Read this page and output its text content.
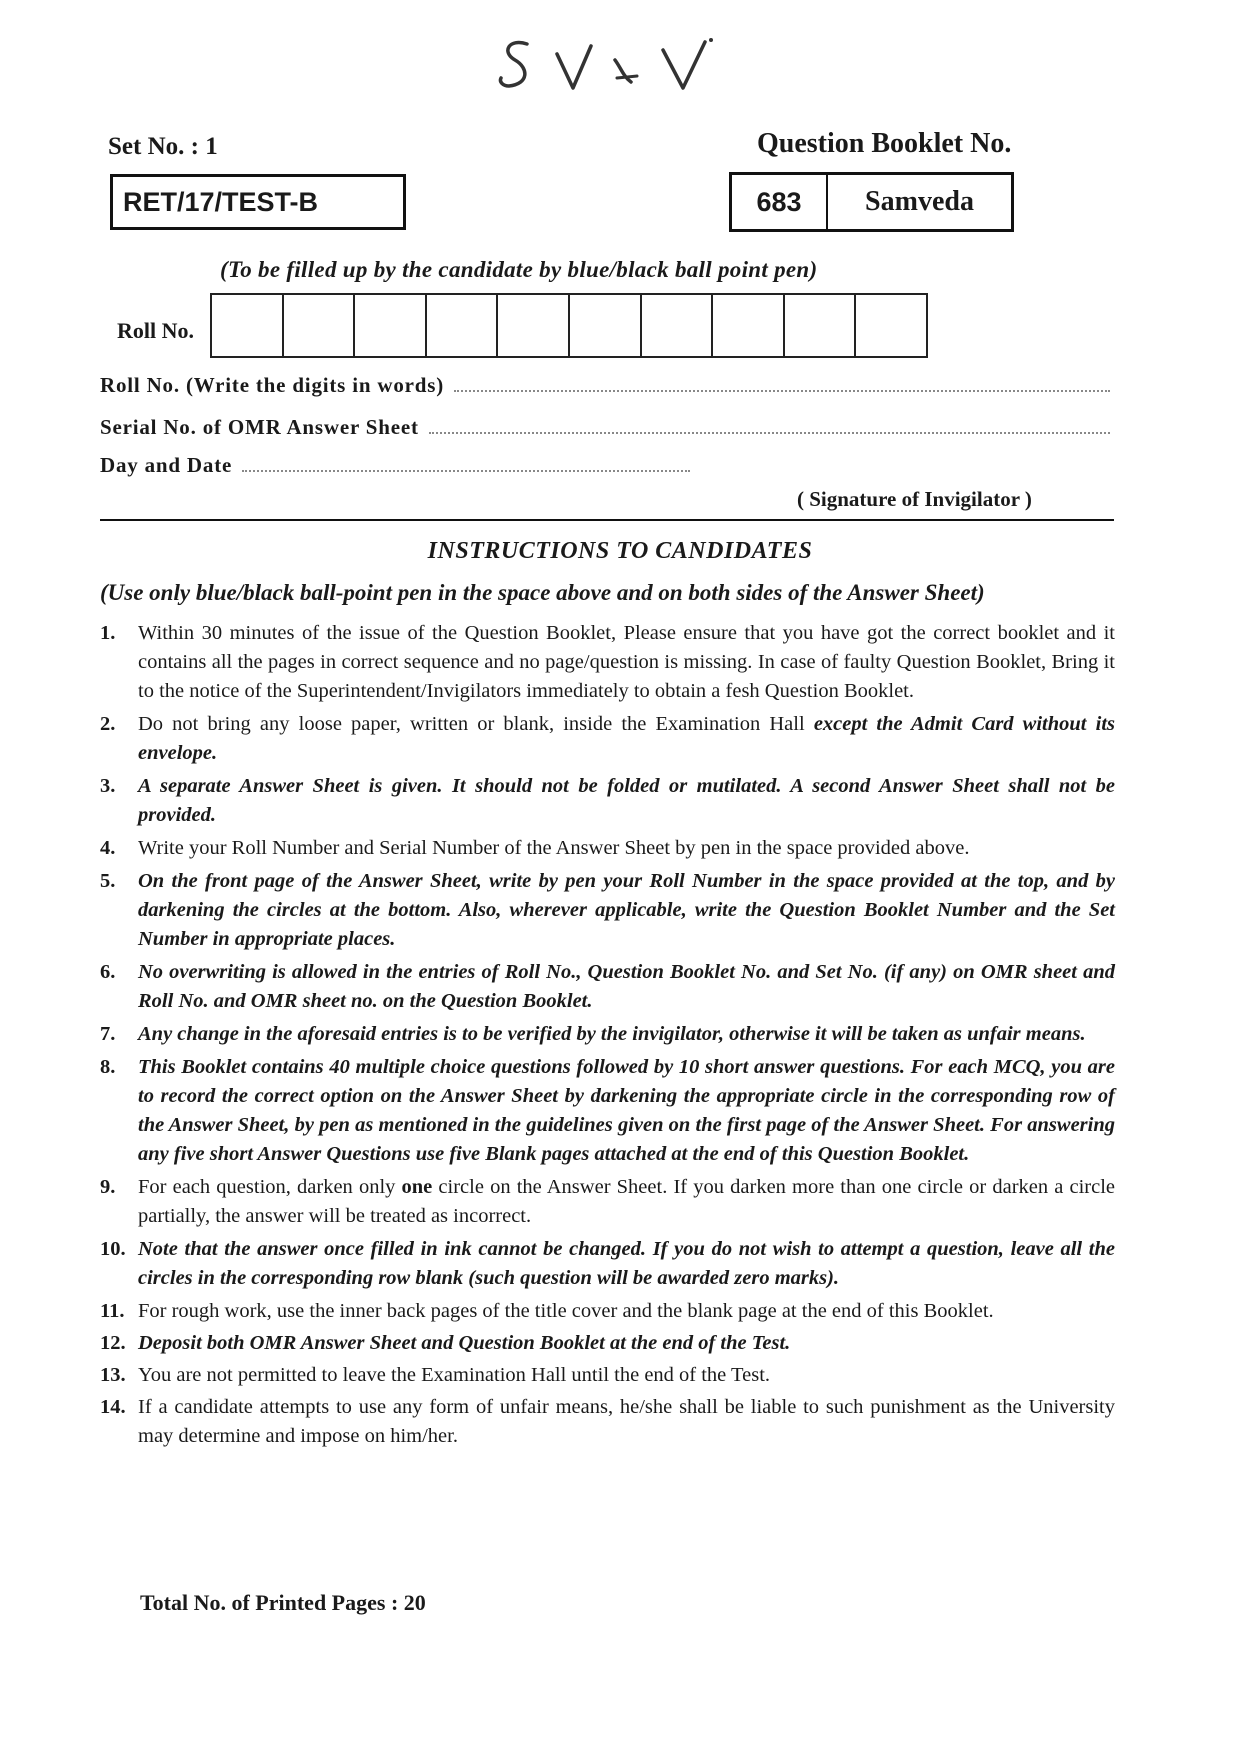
Set No. : 1	Question Booklet No.
RET/17/TEST-B	683	Samveda
(To be filled up by the candidate by blue/black ball point pen)
Roll No.
Roll No. (Write the digits in words)
Serial No. of OMR Answer Sheet
Day and Date
( Signature of Invigilator )
INSTRUCTIONS TO CANDIDATES
(Use only blue/black ball-point pen in the space above and on both sides of the Answer Sheet)
1. Within 30 minutes of the issue of the Question Booklet, Please ensure that you have got the correct booklet and it contains all the pages in correct sequence and no page/question is missing. In case of faulty Question Booklet, Bring it to the notice of the Superintendent/Invigilators immediately to obtain a fesh Question Booklet.
2. Do not bring any loose paper, written or blank, inside the Examination Hall except the Admit Card without its envelope.
3. A separate Answer Sheet is given. It should not be folded or mutilated. A second Answer Sheet shall not be provided.
4. Write your Roll Number and Serial Number of the Answer Sheet by pen in the space provided above.
5. On the front page of the Answer Sheet, write by pen your Roll Number in the space provided at the top, and by darkening the circles at the bottom. Also, wherever applicable, write the Question Booklet Number and the Set Number in appropriate places.
6. No overwriting is allowed in the entries of Roll No., Question Booklet No. and Set No. (if any) on OMR sheet and Roll No. and OMR sheet no. on the Question Booklet.
7. Any change in the aforesaid entries is to be verified by the invigilator, otherwise it will be taken as unfair means.
8. This Booklet contains 40 multiple choice questions followed by 10 short answer questions. For each MCQ, you are to record the correct option on the Answer Sheet by darkening the appropriate circle in the corresponding row of the Answer Sheet, by pen as mentioned in the guidelines given on the first page of the Answer Sheet. For answering any five short Answer Questions use five Blank pages attached at the end of this Question Booklet.
9. For each question, darken only one circle on the Answer Sheet. If you darken more than one circle or darken a circle partially, the answer will be treated as incorrect.
10. Note that the answer once filled in ink cannot be changed. If you do not wish to attempt a question, leave all the circles in the corresponding row blank (such question will be awarded zero marks).
11. For rough work, use the inner back pages of the title cover and the blank page at the end of this Booklet.
12. Deposit both OMR Answer Sheet and Question Booklet at the end of the Test.
13. You are not permitted to leave the Examination Hall until the end of the Test.
14. If a candidate attempts to use any form of unfair means, he/she shall be liable to such punishment as the University may determine and impose on him/her.
Total No. of Printed Pages : 20
